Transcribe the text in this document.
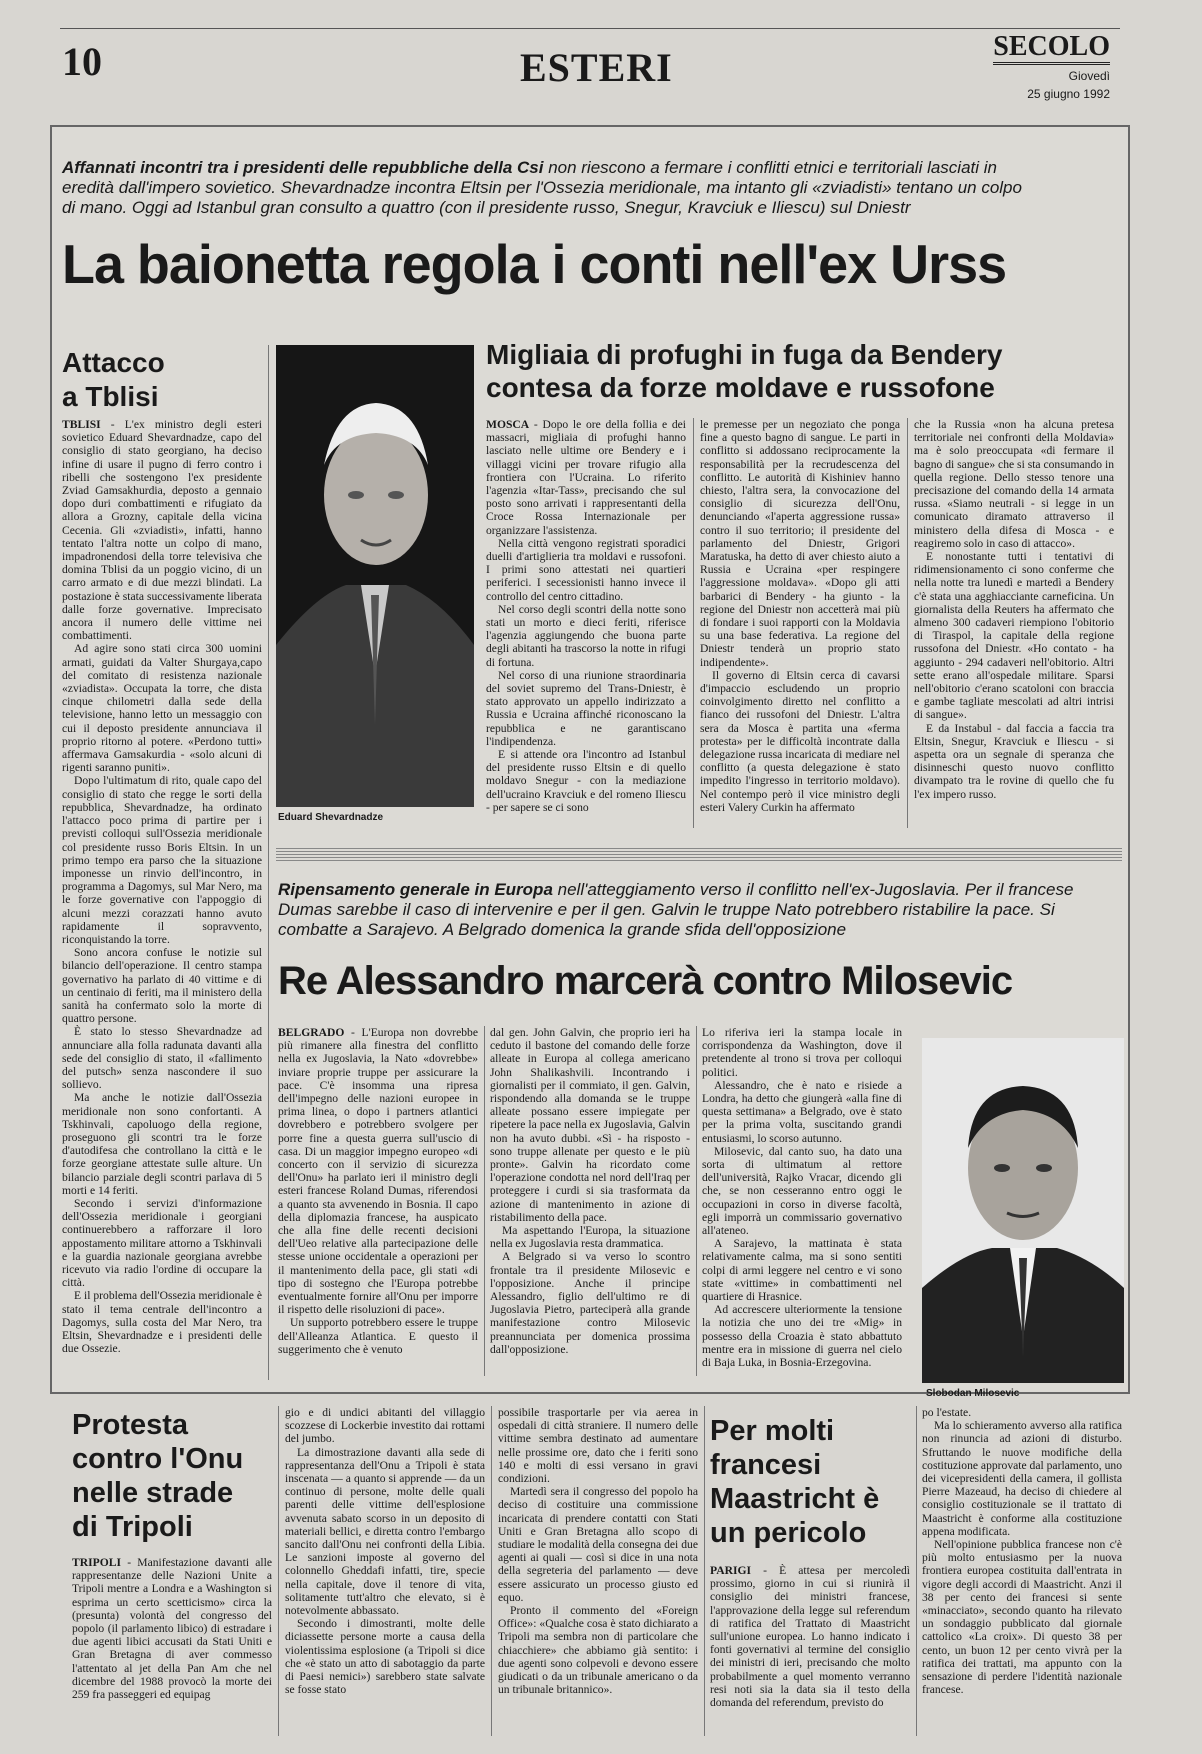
10	ESTERI	SECOLO
Giovedì
25 giugno 1992
Affannati incontri tra i presidenti delle repubbliche della Csi non riescono a fermare i conflitti etnici e territoriali lasciati in eredità dall'impero sovietico. Shevardnadze incontra Eltsin per l'Ossezia meridionale, ma intanto gli «zviadisti» tentano un colpo di mano. Oggi ad Istanbul gran consulto a quattro (con il presidente russo, Snegur, Kravciuk e Iliescu) sul Dniestr
La baionetta regola i conti nell'ex Urss
Attacco
a Tblisi

TBLISI - L'ex ministro degli esteri sovietico Eduard Shevardnadze, capo del consiglio di stato georgiano, ha deciso infine di usare il pugno di ferro contro i ribelli che sostengono l'ex presidente Zviad Gamsakhurdia, deposto a gennaio dopo duri combattimenti e rifugiato da allora a Grozny, capitale della vicina Cecenia. Gli «zviadisti», infatti, hanno tentato l'altra notte un colpo di mano, impadronendosi della torre televisiva che domina Tblisi da un poggio vicino, di un carro armato e di due mezzi blindati. La postazione è stata successivamente liberata dalle forze governative. Imprecisato ancora il numero delle vittime nei combattimenti.

Ad agire sono stati circa 300 uomini armati, guidati da Valter Shurgaya,capo del comitato di resistenza nazionale «zviadista». Occupata la torre, che dista cinque chilometri dalla sede della televisione, hanno letto un messaggio con cui il deposto presidente annunciava il proprio ritorno al potere. «Perdono tutti» affermava Gamsakurdia - «solo alcuni di rigenti saranno puniti».

Dopo l'ultimatum di rito, quale capo del consiglio di stato che regge le sorti della repubblica, Shevardnadze, ha ordinato l'attacco poco prima di partire per i previsti colloqui sull'Ossezia meridionale col presidente russo Boris Eltsin. In un primo tempo era parso che la situazione imponesse un rinvio dell'incontro, in programma a Dagomys, sul Mar Nero, ma le forze governative con l'appoggio di alcuni mezzi corazzati hanno avuto rapidamente il sopravvento, riconquistando la torre.

Sono ancora confuse le notizie sul bilancio dell'operazione. Il centro stampa governativo ha parlato di 40 vittime e di un centinaio di feriti, ma il ministero della sanità ha confermato solo la morte di quattro persone.

È stato lo stesso Shevardnadze ad annunciare alla folla radunata davanti alla sede del consiglio di stato, il «fallimento del putsch» senza nascondere il suo sollievo.

Ma anche le notizie dall'Ossezia meridionale non sono confortanti. A Tskhinvali, capoluogo della regione, proseguono gli scontri tra le forze d'autodifesa che controllano la città e le forze georgiane attestate sulle alture. Un bilancio parziale degli scontri parlava di 5 morti e 14 feriti.

Secondo i servizi d'informazione dell'Ossezia meridionale i georgiani continuerebbero a rafforzare il loro appostamento militare attorno a Tskhinvali e la guardia nazionale georgiana avrebbe ricevuto via radio l'ordine di occupare la città.

E il problema dell'Ossezia meridionale è stato il tema centrale dell'incontro a Dagomys, sulla costa del Mar Nero, tra Eltsin, Shevardnadze e i presidenti delle due Ossezie.

Eduard Shevardnadze
Migliaia di profughi in fuga da Bendery
contesa da forze moldave e russofone

MOSCA - Dopo le ore della follia e dei massacri, migliaia di profughi hanno lasciato nelle ultime ore Bendery e i villaggi vicini per trovare rifugio alla frontiera con l'Ucraina. Lo riferito l'agenzia «Itar-Tass», precisando che sul posto sono arrivati i rappresentanti della Croce Rossa Internazionale per organizzare l'assistenza.

Nella città vengono registrati sporadici duelli d'artiglieria tra moldavi e russofoni. I primi sono attestati nei quartieri periferici. I secessionisti hanno invece il controllo del centro cittadino.

Nel corso degli scontri della notte sono stati un morto e dieci feriti, riferisce l'agenzia aggiungendo che buona parte degli abitanti ha trascorso la notte in rifugi di fortuna.

Nel corso di una riunione straordinaria del soviet supremo del Trans-Dniestr, è stato approvato un appello indirizzato a Russia e Ucraina affinché riconoscano la repubblica e ne garantiscano l'indipendenza.

E si attende ora l'incontro ad Istanbul del presidente russo Eltsin e di quello moldavo Snegur - con la mediazione dell'ucraino Kravciuk e del romeno Iliescu - per sapere se ci sono

le premesse per un negoziato che ponga fine a questo bagno di sangue. Le parti in conflitto si addossano reciprocamente la responsabilità per la recrudescenza del conflitto. Le autorità di Kishiniev hanno chiesto, l'altra sera, la convocazione del consiglio di sicurezza dell'Onu, denunciando «l'aperta aggressione russa» contro il suo territorio; il presidente del parlamento del Dniestr, Grigori Maratuska, ha detto di aver chiesto aiuto a Russia e Ucraina «per respingere l'aggressione moldava». «Dopo gli atti barbarici di Bendery - ha giunto - la regione del Dniestr non accetterà mai più di fondare i suoi rapporti con la Moldavia su una base federativa. La regione del Dniestr tenderà un proprio stato indipendente».

Il governo di Eltsin cerca di cavarsi d'impaccio escludendo un proprio coinvolgimento diretto nel conflitto a fianco dei russofoni del Dniestr. L'altra sera da Mosca è partita una «ferma protesta» per le difficoltà incontrate dalla delegazione russa incaricata di mediare nel conflitto (a questa delegazione è stato impedito l'ingresso in territorio moldavo). Nel contempo però il vice ministro degli esteri Valery Curkin ha affermato

che la Russia «non ha alcuna pretesa territoriale nei confronti della Moldavia» ma è solo preoccupata «di fermare il bagno di sangue» che si sta consumando in quella regione. Dello stesso tenore una precisazione del comando della 14 armata russa. «Siamo neutrali - si legge in un comunicato diramato attraverso il ministero della difesa di Mosca - e reagiremo solo in caso di attacco».

E nonostante tutti i tentativi di ridimensionamento ci sono conferme che nella notte tra lunedì e martedì a Bendery c'è stata una agghiacciante carneficina. Un giornalista della Reuters ha affermato che almeno 300 cadaveri riempiono l'obitorio di Tiraspol, la capitale della regione russofona del Dniestr. «Ho contato - ha aggiunto - 294 cadaveri nell'obitorio. Altri sette erano all'ospedale militare. Sparsi nell'obitorio c'erano scatoloni con braccia e gambe tagliate mescolati ad altri intrisi di sangue».

E da Instabul - dal faccia a faccia tra Eltsin, Snegur, Kravciuk e Iliescu - si aspetta ora un segnale di speranza che disinneschi questo nuovo conflitto divampato tra le rovine di quello che fu l'ex impero russo.

Ripensamento generale in Europa nell'atteggiamento verso il conflitto nell'ex-Jugoslavia. Per il francese Dumas sarebbe il caso di intervenire e per il gen. Galvin le truppe Nato potrebbero ristabilire la pace. Si combatte a Sarajevo. A Belgrado domenica la grande sfida dell'opposizione
Re Alessandro marcerà contro Milosevic

BELGRADO - L'Europa non dovrebbe più rimanere alla finestra del conflitto nella ex Jugoslavia, la Nato «dovrebbe» inviare proprie truppe per assicurare la pace. C'è insomma una ripresa dell'impegno delle nazioni europee in prima linea, o dopo i partners atlantici dovrebbero e potrebbero svolgere per porre fine a questa guerra sull'uscio di casa. Di un maggior impegno europeo «di concerto con il servizio di sicurezza dell'Onu» ha parlato ieri il ministro degli esteri francese Roland Dumas, riferendosi a quanto sta avvenendo in Bosnia. Il capo della diplomazia francese, ha auspicato che alla fine delle recenti decisioni dell'Ueo relative alla partecipazione delle stesse unione occidentale a operazioni per il mantenimento della pace, gli stati «di tipo di sostegno che l'Europa potrebbe eventualmente fornire all'Onu per imporre il rispetto delle risoluzioni di pace».

Un supporto potrebbero essere le truppe dell'Alleanza Atlantica. E questo il suggerimento che è venuto

dal gen. John Galvin, che proprio ieri ha ceduto il bastone del comando delle forze alleate in Europa al collega americano John Shalikashvili. Incontrando i giornalisti per il commiato, il gen. Galvin, rispondendo alla domanda se le truppe alleate possano essere impiegate per ripetere la pace nella ex Jugoslavia, Galvin non ha avuto dubbi. «Sì - ha risposto - sono truppe allenate per questo e le più pronte». Galvin ha ricordato come l'operazione condotta nel nord dell'Iraq per proteggere i curdi si sia trasformata da azione di mantenimento in azione di ristabilimento della pace.

Ma aspettando l'Europa, la situazione nella ex Jugoslavia resta drammatica.

A Belgrado si va verso lo scontro frontale tra il presidente Milosevic e l'opposizione. Anche il principe Alessandro, figlio dell'ultimo re di Jugoslavia Pietro, parteciperà alla grande manifestazione contro Milosevic preannunciata per domenica prossima dall'opposizione.

Lo riferiva ieri la stampa locale in corrispondenza da Washington, dove il pretendente al trono si trova per colloqui politici.

Alessandro, che è nato e risiede a Londra, ha detto che giungerà «alla fine di questa settimana» a Belgrado, ove è stato per la prima volta, suscitando grandi entusiasmi, lo scorso autunno.

Milosevic, dal canto suo, ha dato una sorta di ultimatum al rettore dell'università, Rajko Vracar, dicendo gli che, se non cesseranno entro oggi le occupazioni in corso in diverse facoltà, egli imporrà un commissario governativo all'ateneo.

A Sarajevo, la mattinata è stata relativamente calma, ma si sono sentiti colpi di armi leggere nel centro e vi sono state «vittime» in combattimenti nel quartiere di Hrasnice.

Ad accrescere ulteriormente la tensione la notizia che uno dei tre «Mig» in possesso della Croazia è stato abbattuto mentre era in missione di guerra nel cielo di Baja Luka, in Bosnia-Erzegovina.

Slobodan Milosevic
Protesta
contro l'Onu
nelle strade
di Tripoli

TRIPOLI - Manifestazione davanti alle rappresentanze delle Nazioni Unite a Tripoli mentre a Londra e a Washington si esprima un certo scetticismo» circa la (presunta) volontà del congresso del popolo (il parlamento libico) di estradare i due agenti libici accusati da Stati Uniti e Gran Bretagna di aver commesso l'attentato al jet della Pan Am che nel dicembre del 1988 provocò la morte dei 259 fra passeggeri ed equipag

gio e di undici abitanti del villaggio scozzese di Lockerbie investito dai rottami del jumbo.

La dimostrazione davanti alla sede di rappresentanza dell'Onu a Tripoli è stata inscenata — a quanto si apprende — da un continuo di persone, molte delle quali parenti delle vittime dell'esplosione avvenuta sabato scorso in un deposito di materiali bellici, e diretta contro l'embargo sancito dall'Onu nei confronti della Libia. Le sanzioni imposte al governo del colonnello Gheddafi infatti, tire, specie nella capitale, dove il tenore di vita, solitamente tutt'altro che elevato, si è notevolmente abbassato.

Secondo i dimostranti, molte delle diciassette persone morte a causa della violentissima esplosione (a Tripoli si dice che «è stato un atto di sabotaggio da parte di Paesi nemici») sarebbero state salvate se fosse stato

possibile trasportarle per via aerea in ospedali di città straniere. Il numero delle vittime sembra destinato ad aumentare nelle prossime ore, dato che i feriti sono 140 e molti di essi versano in gravi condizioni.

Martedì sera il congresso del popolo ha deciso di costituire una commissione incaricata di prendere contatti con Stati Uniti e Gran Bretagna allo scopo di studiare le modalità della consegna dei due agenti ai quali — così si dice in una nota della segreteria del parlamento — deve essere assicurato un processo giusto ed equo.

Pronto il commento del «Foreign Office»: «Qualche cosa è stato dichiarato a Tripoli ma sembra non di particolare che chiacchiere» che abbiamo già sentito: i due agenti sono colpevoli e devono essere giudicati o da un tribunale americano o da un tribunale britannico».

Per molti
francesi
Maastricht è
un pericolo

PARIGI - È attesa per mercoledì prossimo, giorno in cui si riunirà il consiglio dei ministri francese, l'approvazione della legge sul referendum di ratifica del Trattato di Maastricht sull'unione europea. Lo hanno indicato i fonti governativi al termine del consiglio dei ministri di ieri, precisando che molto probabilmente a quel momento verranno resi noti sia la data sia il testo della domanda del referendum, previsto do

po l'estate.

Ma lo schieramento avverso alla ratifica non rinuncia ad azioni di disturbo. Sfruttando le nuove modifiche della costituzione approvate dal parlamento, uno dei vicepresidenti della camera, il gollista Pierre Mazeaud, ha deciso di chiedere al consiglio costituzionale se il trattato di Maastricht è conforme alla costituzione appena modificata.

Nell'opinione pubblica francese non c'è più molto entusiasmo per la nuova frontiera europea costituita dall'entrata in vigore degli accordi di Maastricht. Anzi il 38 per cento dei francesi si sente «minacciato», secondo quanto ha rilevato un sondaggio pubblicato dal giornale cattolico «La croix». Di questo 38 per cento, un buon 12 per cento vivrà per la ratifica dei trattati, ma appunto con la sensazione di perdere l'identità nazionale francese.
